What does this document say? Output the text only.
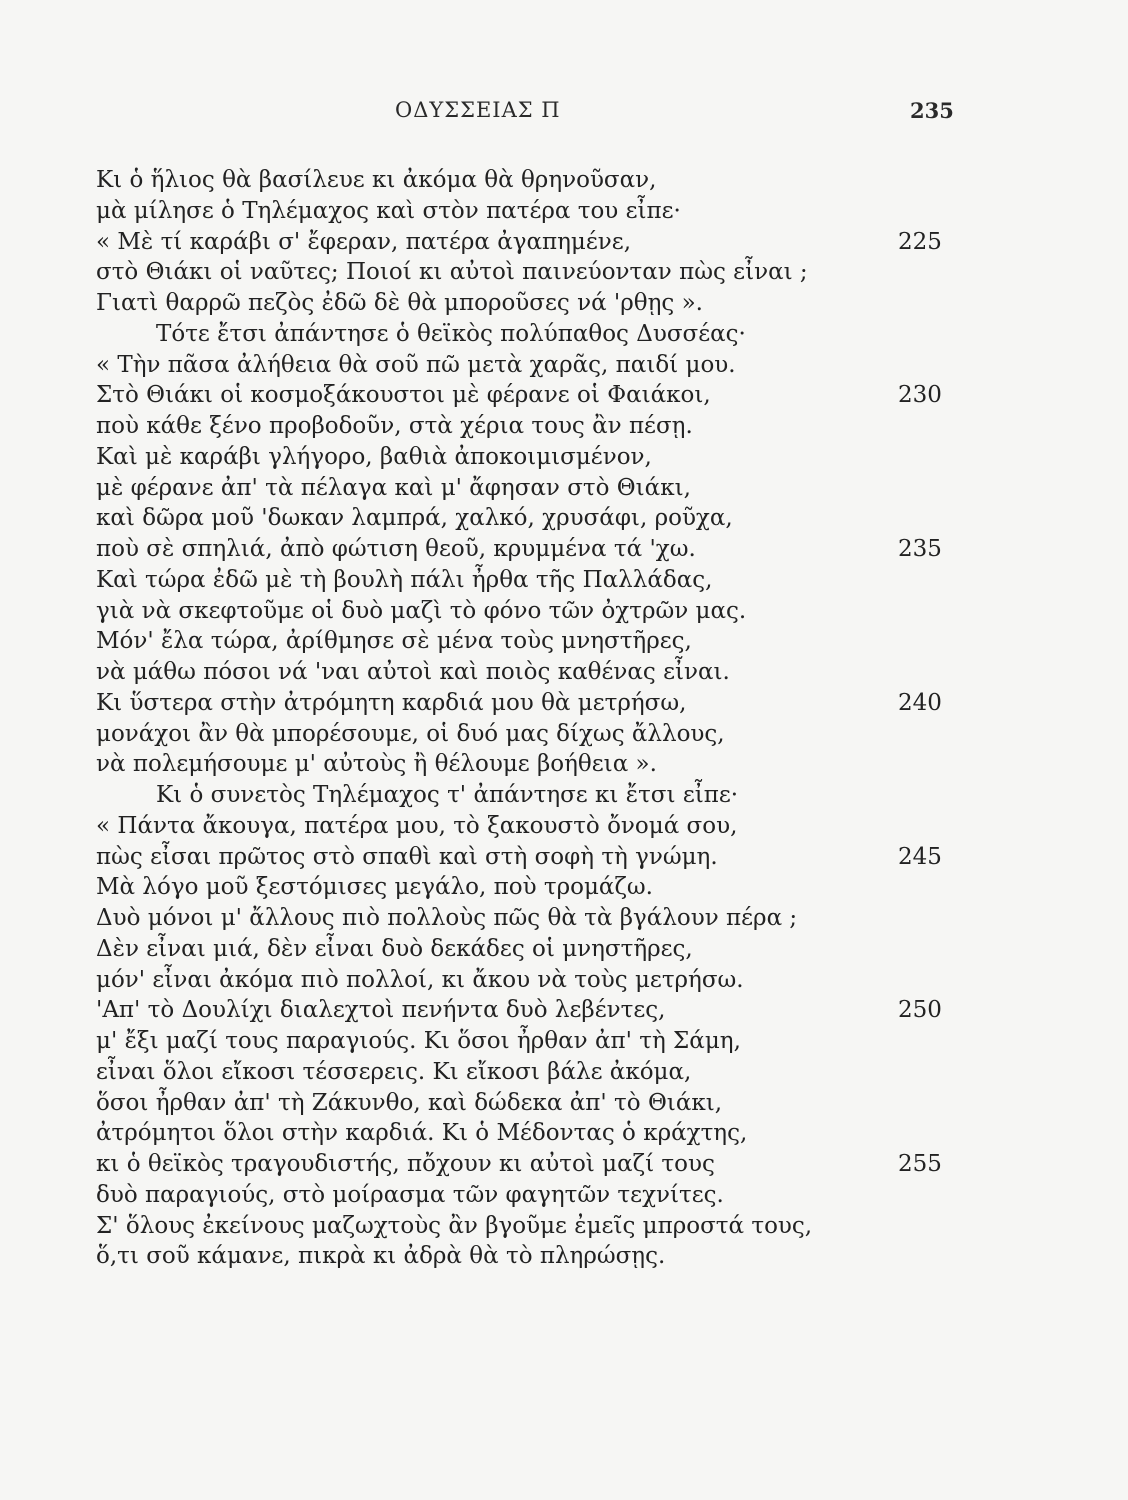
ΟΔΥΣΣΕΙΑΣ Π	235
Κι ὁ ἥλιος θὰ βασίλευε κι ἀκόμα θὰ θρηνοῦσαν,
μὰ μίλησε ὁ Τηλέμαχος καὶ στὸν πατέρα του εἶπε·
« Μὲ τί καράβι σ' ἔφεραν, πατέρα ἀγαπημένε,	225
στὸ Θιάκι οἱ ναῦτες; Ποιοί κι αὐτοὶ παινεύονταν πὼς εἶναι ;
Γιατὶ θαρρῶ πεζὸς ἐδῶ δὲ θὰ μποροῦσες νά 'ρθῃς ».
Τότε ἔτσι ἀπάντησε ὁ θεϊκὸς πολύπαθος Δυσσέας·
« Τὴν πᾶσα ἀλήθεια θὰ σοῦ πῶ μετὰ χαρᾶς, παιδί μου.
Στὸ Θιάκι οἱ κοσμοξάκουστοι μὲ φέρανε οἱ Φαιάκοι,	230
ποὺ κάθε ξένο προβοδοῦν, στὰ χέρια τους ἂν πέσῃ.
Καὶ μὲ καράβι γλήγορο, βαθιὰ ἀποκοιμισμένον,
μὲ φέρανε ἀπ' τὰ πέλαγα καὶ μ' ἄφησαν στὸ Θιάκι,
καὶ δῶρα μοῦ 'δωκαν λαμπρά, χαλκό, χρυσάφι, ροῦχα,
ποὺ σὲ σπηλιά, ἀπὸ φώτιση θεοῦ, κρυμμένα τά 'χω.	235
Καὶ τώρα ἐδῶ μὲ τὴ βουλὴ πάλι ἦρθα τῆς Παλλάδας,
γιὰ νὰ σκεφτοῦμε οἱ δυὸ μαζὶ τὸ φόνο τῶν ὀχτρῶν μας.
Μόν' ἔλα τώρα, ἀρίθμησε σὲ μένα τοὺς μνηστῆρες,
νὰ μάθω πόσοι νά 'ναι αὐτοὶ καὶ ποιὸς καθένας εἶναι.
Κι ὕστερα στὴν ἀτρόμητη καρδιά μου θὰ μετρήσω,	240
μονάχοι ἂν θὰ μπορέσουμε, οἱ δυό μας δίχως ἄλλους,
νὰ πολεμήσουμε μ' αὐτοὺς ἢ θέλουμε βοήθεια ».
Κι ὁ συνετὸς Τηλέμαχος τ' ἀπάντησε κι ἔτσι εἶπε·
« Πάντα ἄκουγα, πατέρα μου, τὸ ξακουστὸ ὄνομά σου,
πὼς εἶσαι πρῶτος στὸ σπαθὶ καὶ στὴ σοφὴ τὴ γνώμη.	245
Μὰ λόγο μοῦ ξεστόμισες μεγάλο, ποὺ τρομάζω.
Δυὸ μόνοι μ' ἄλλους πιὸ πολλοὺς πῶς θὰ τὰ βγάλουν πέρα ;
Δὲν εἶναι μιά, δὲν εἶναι δυὸ δεκάδες οἱ μνηστῆρες,
μόν' εἶναι ἀκόμα πιὸ πολλοί, κι ἄκου νὰ τοὺς μετρήσω.
'Απ' τὸ Δουλίχι διαλεχτοὶ πενήντα δυὸ λεβέντες,	250
μ' ἔξι μαζί τους παραγιούς. Κι ὅσοι ἦρθαν ἀπ' τὴ Σάμη,
εἶναι ὅλοι εἴκοσι τέσσερεις. Κι εἴκοσι βάλε ἀκόμα,
ὅσοι ἦρθαν ἀπ' τὴ Ζάκυνθο, καὶ δώδεκα ἀπ' τὸ Θιάκι,
ἀτρόμητοι ὅλοι στὴν καρδιά. Κι ὁ Μέδοντας ὁ κράχτης,
κι ὁ θεϊκὸς τραγουδιστής, πὄχουν κι αὐτοὶ μαζί τους	255
δυὸ παραγιούς, στὸ μοίρασμα τῶν φαγητῶν τεχνίτες.
Σ' ὅλους ἐκείνους μαζωχτοὺς ἂν βγοῦμε ἐμεῖς μπροστά τους,
ὅ,τι σοῦ κάμανε, πικρὰ κι ἀδρὰ θὰ τὸ πληρώσῃς.
